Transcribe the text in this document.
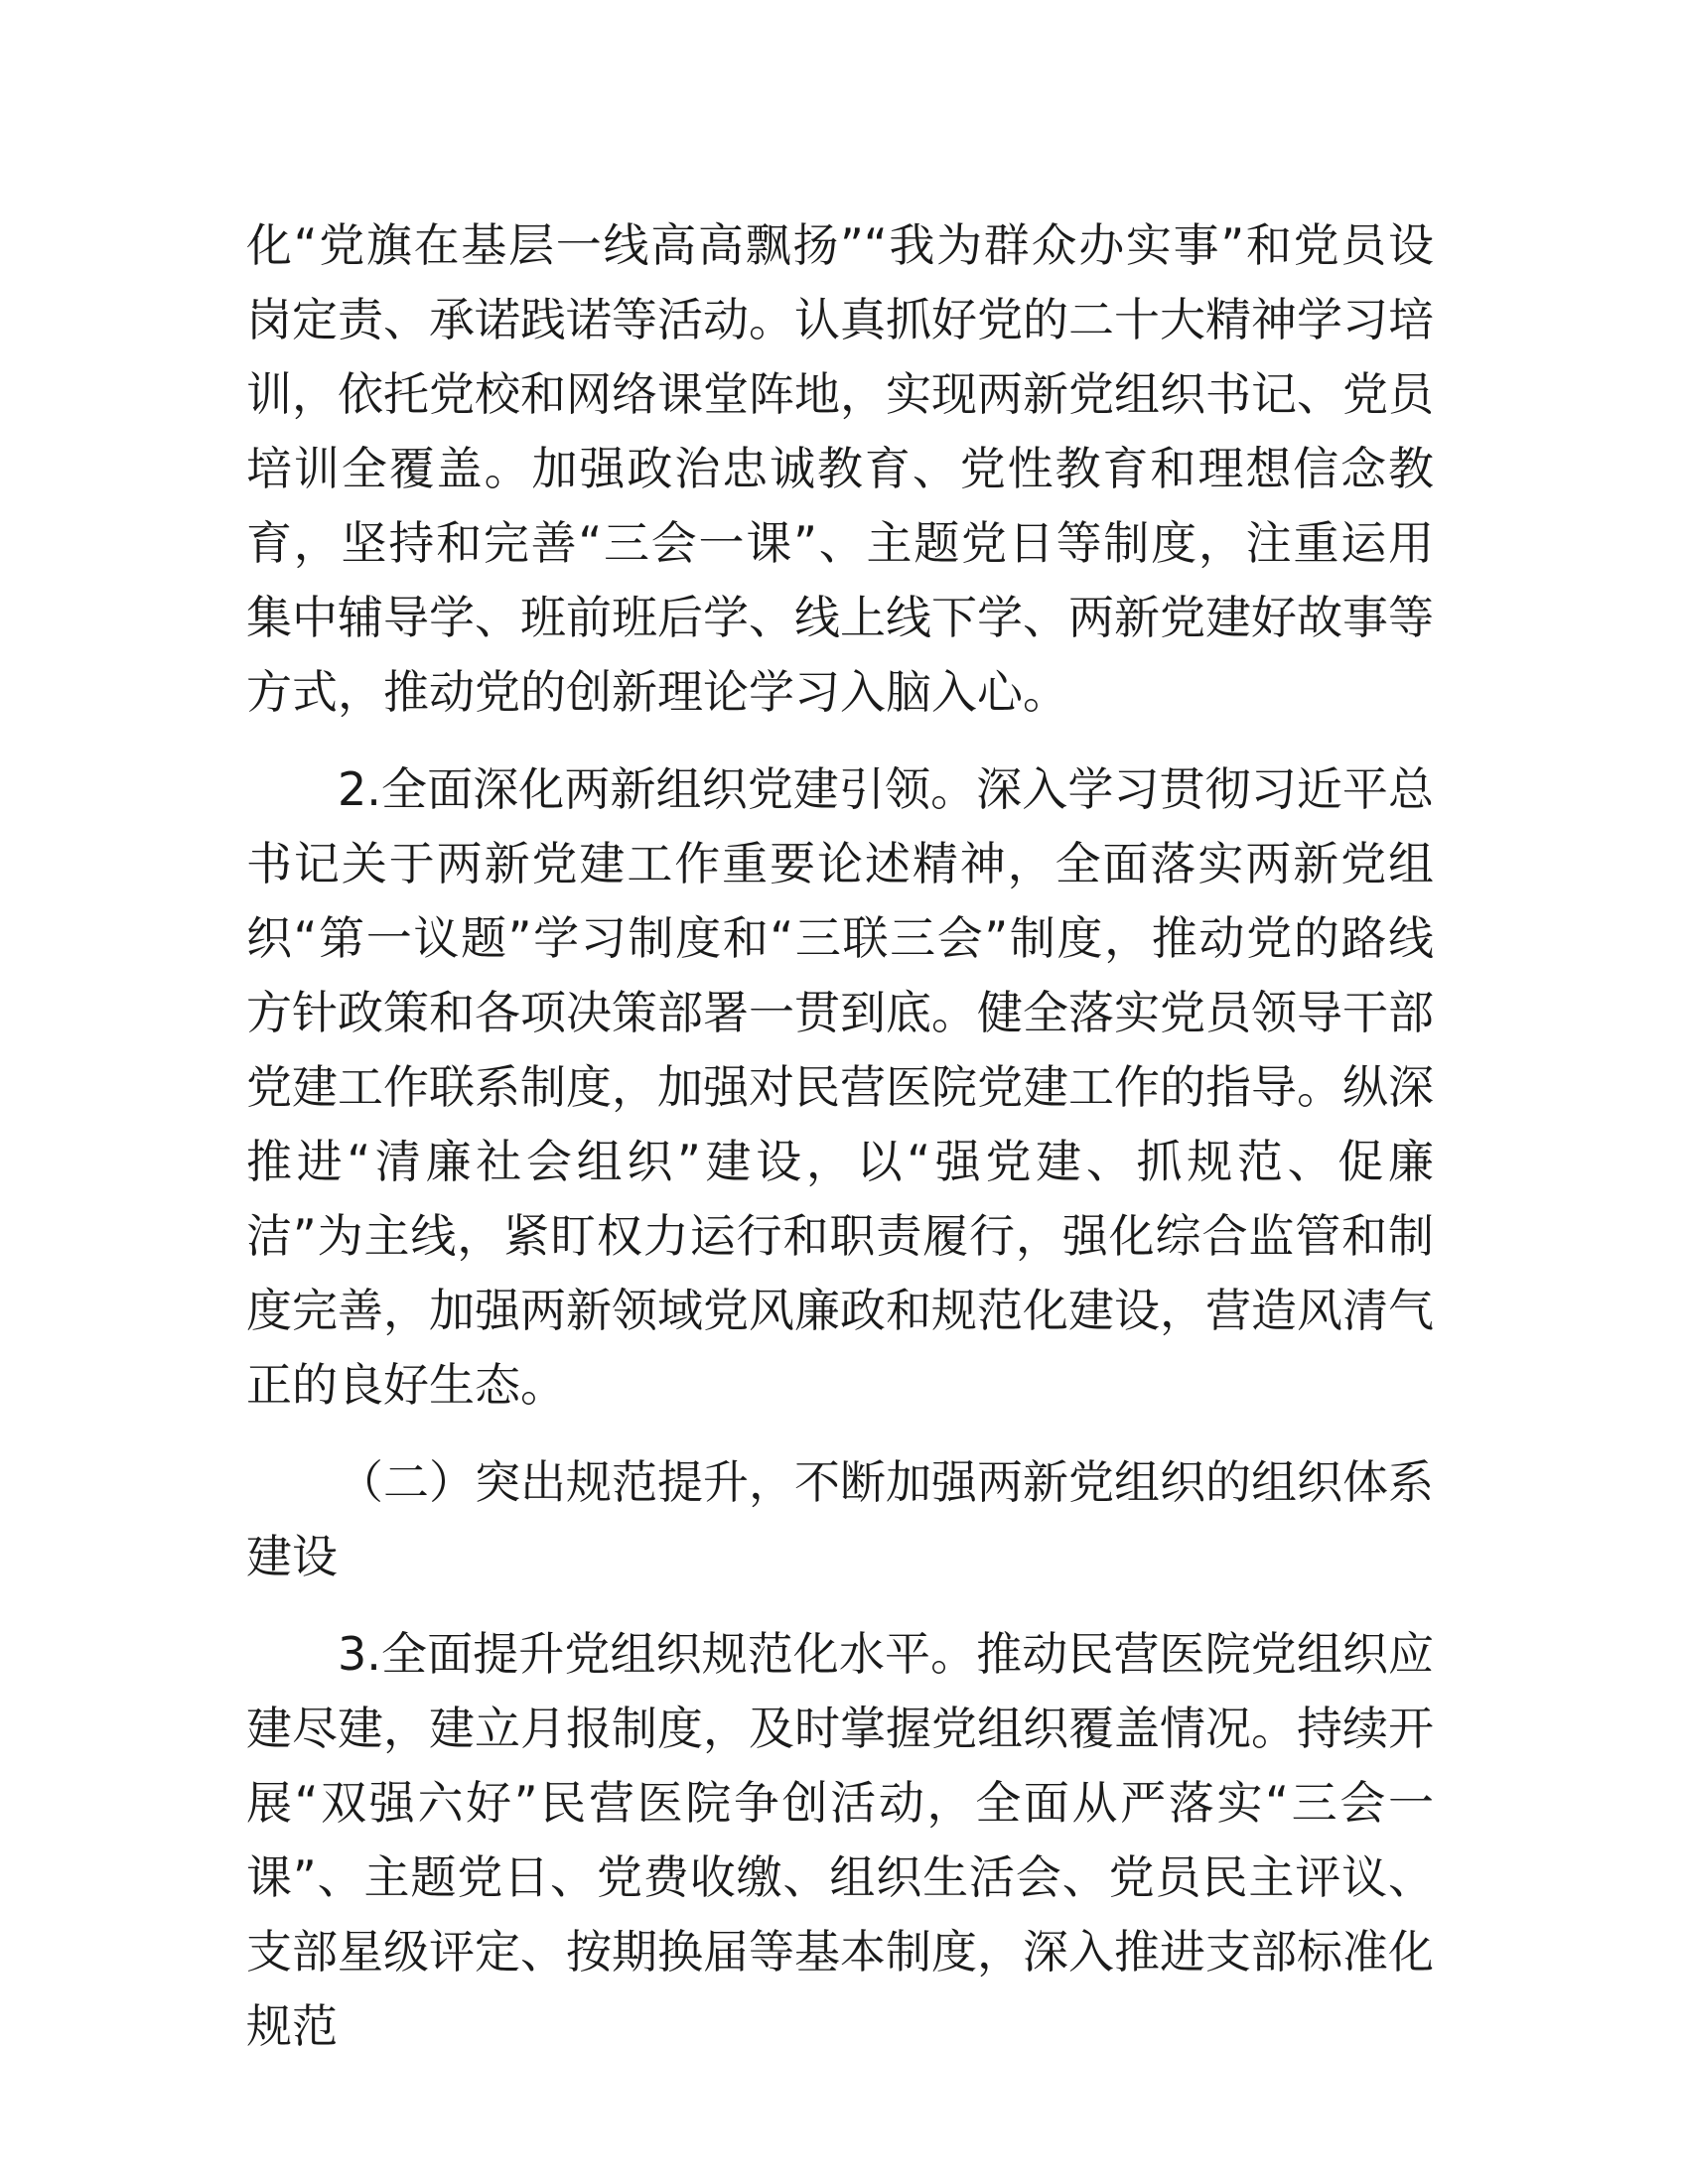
化“党旗在基层一线高高飘扬”“我为群众办实事”和党员设岗定责、承诺践诺等活动。认真抓好党的二十大精神学习培训，依托党校和网络课堂阵地，实现两新党组织书记、党员培训全覆盖。加强政治忠诚教育、党性教育和理想信念教育，坚持和完善“三会一课”、主题党日等制度，注重运用集中辅导学、班前班后学、线上线下学、两新党建好故事等方式，推动党的创新理论学习入脑入心。

2.全面深化两新组织党建引领。深入学习贯彻习近平总书记关于两新党建工作重要论述精神，全面落实两新党组织“第一议题”学习制度和“三联三会”制度，推动党的路线方针政策和各项决策部署一贯到底。健全落实党员领导干部党建工作联系制度，加强对民营医院党建工作的指导。纵深推进“清廉社会组织”建设，以“强党建、抓规范、促廉洁”为主线，紧盯权力运行和职责履行，强化综合监管和制度完善，加强两新领域党风廉政和规范化建设，营造风清气正的良好生态。

（二）突出规范提升，不断加强两新党组织的组织体系建设

3.全面提升党组织规范化水平。推动民营医院党组织应建尽建，建立月报制度，及时掌握党组织覆盖情况。持续开展“双强六好”民营医院争创活动，全面从严落实“三会一课”、主题党日、党费收缴、组织生活会、党员民主评议、支部星级评定、按期换届等基本制度，深入推进支部标准化规范
